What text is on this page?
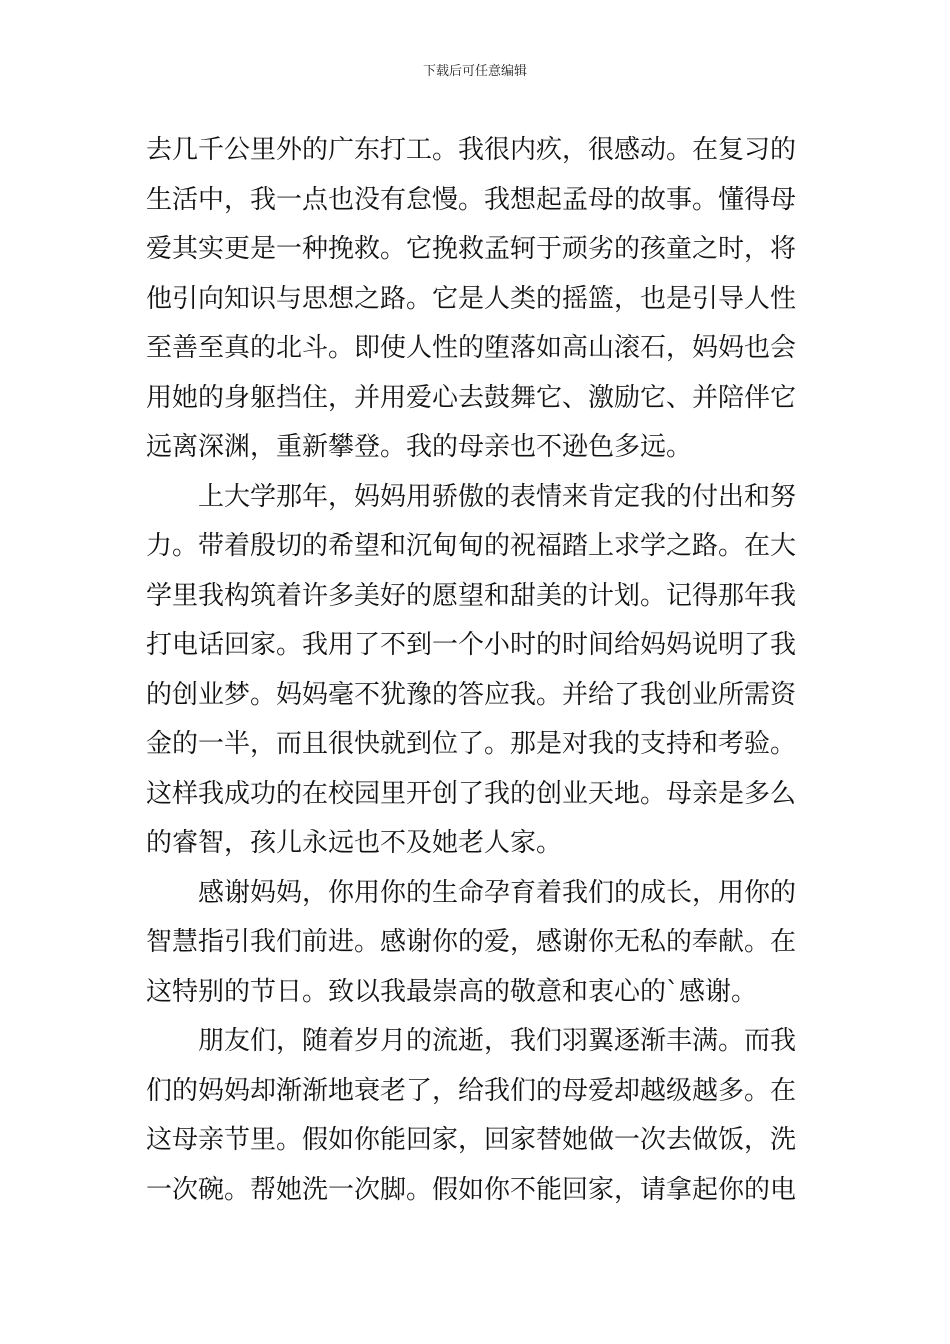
下载后可任意编辑
去几千公里外的广东打工。我很内疚，很感动。在复习的
生活中，我一点也没有怠慢。我想起孟母的故事。懂得母
爱其实更是一种挽救。它挽救孟轲于顽劣的孩童之时，将
他引向知识与思想之路。它是人类的摇篮，也是引导人性
至善至真的北斗。即使人性的堕落如高山滚石，妈妈也会
用她的身躯挡住，并用爱心去鼓舞它、激励它、并陪伴它
远离深渊，重新攀登。我的母亲也不逊色多远。
上大学那年，妈妈用骄傲的表情来肯定我的付出和努
力。带着殷切的希望和沉甸甸的祝福踏上求学之路。在大
学里我构筑着许多美好的愿望和甜美的计划。记得那年我
打电话回家。我用了不到一个小时的时间给妈妈说明了我
的创业梦。妈妈毫不犹豫的答应我。并给了我创业所需资
金的一半，而且很快就到位了。那是对我的支持和考验。
这样我成功的在校园里开创了我的创业天地。母亲是多么
的睿智，孩儿永远也不及她老人家。
感谢妈妈，你用你的生命孕育着我们的成长，用你的
智慧指引我们前进。感谢你的爱，感谢你无私的奉献。在
这特别的节日。致以我最崇高的敬意和衷心的`感谢。
朋友们，随着岁月的流逝，我们羽翼逐渐丰满。而我
们的妈妈却渐渐地衰老了，给我们的母爱却越级越多。在
这母亲节里。假如你能回家，回家替她做一次去做饭，洗
一次碗。帮她洗一次脚。假如你不能回家，请拿起你的电
